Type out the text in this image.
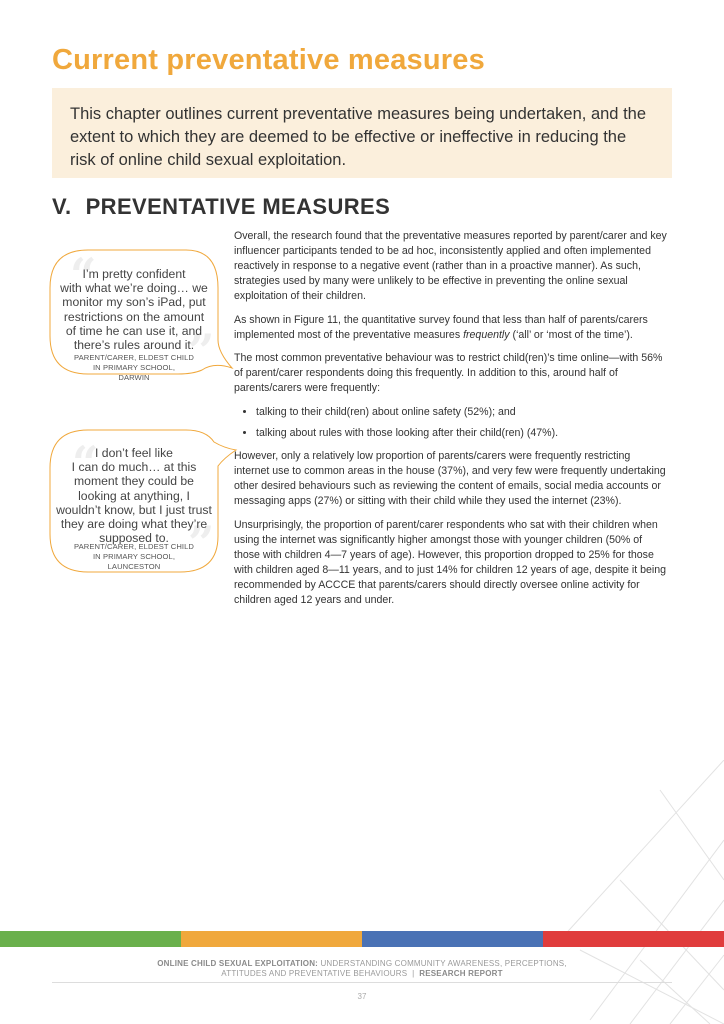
Current preventative measures

This chapter outlines current preventative measures being undertaken, and the extent to which they are deemed to be effective or ineffective in reducing the risk of online child sexual exploitation.

V. PREVENTATIVE MEASURES
“
”
I’m pretty confident
with what we’re doing… we
monitor my son’s iPad, put
restrictions on the amount
of time he can use it, and
there’s rules around it.
PARENT/CARER, ELDEST CHILD
IN PRIMARY SCHOOL,
DARWIN
“
”
I don’t feel like
I can do much… at this
moment they could be
looking at anything, I
wouldn’t know, but I just trust
they are doing what they’re
supposed to.
PARENT/CARER, ELDEST CHILD
IN PRIMARY SCHOOL,
LAUNCESTON

Overall, the research found that the preventative measures reported by parent/carer and key influencer participants tended to be ad hoc, inconsistently applied and often implemented reactively in response to a negative event (rather than in a proactive manner). As such, strategies used by many were unlikely to be effective in preventing the online sexual exploitation of their children.

As shown in Figure 11, the quantitative survey found that less than half of parents/carers implemented most of the preventative measures frequently (‘all’ or ‘most of the time’).

The most common preventative behaviour was to restrict child(ren)’s time online—with 56% of parent/carer respondents doing this frequently. In addition to this, around half of parents/carers were frequently:

• talking to their child(ren) about online safety (52%); and
• talking about rules with those looking after their child(ren) (47%).

However, only a relatively low proportion of parents/carers were frequently restricting internet use to common areas in the house (37%), and very few were frequently undertaking other desired behaviours such as reviewing the content of emails, social media accounts or messaging apps (27%) or sitting with their child while they used the internet (23%).

Unsurprisingly, the proportion of parent/carer respondents who sat with their children when using the internet was significantly higher amongst those with younger children (50% of those with children 4—7 years of age). However, this proportion dropped to 25% for those with children aged 8—11 years, and to just 14% for children 12 years of age, despite it being recommended by ACCCE that parents/carers should directly oversee online activity for children aged 12 years and under.

ONLINE CHILD SEXUAL EXPLOITATION: UNDERSTANDING COMMUNITY AWARENESS, PERCEPTIONS,
ATTITUDES AND PREVENTATIVE BEHAVIOURS | RESEARCH REPORT
37
